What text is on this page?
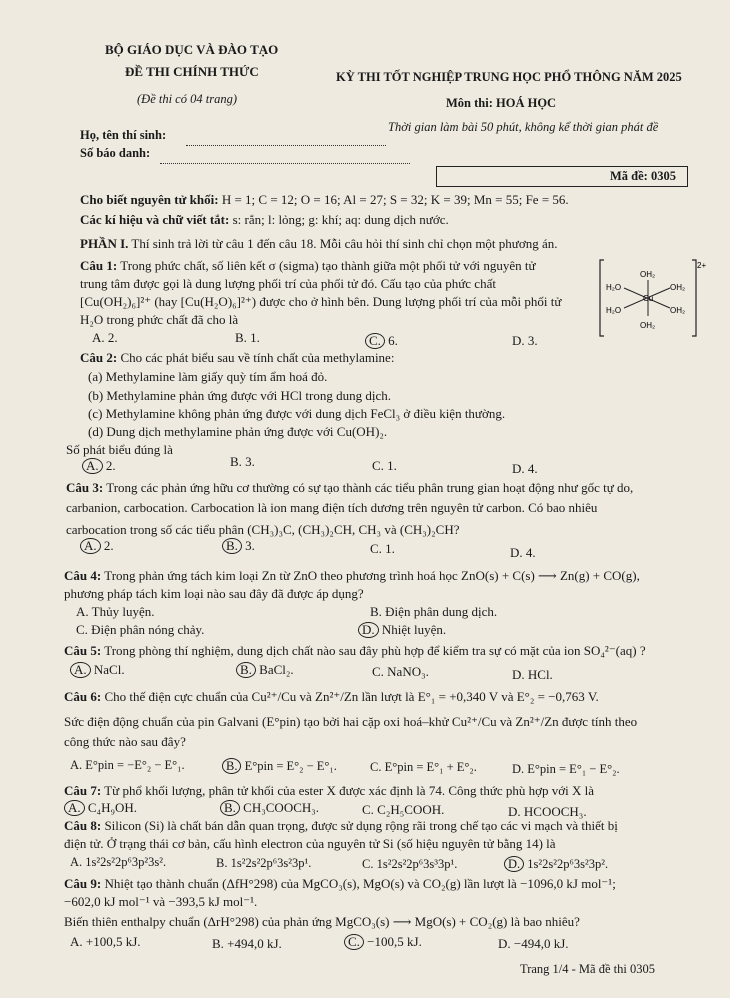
BỘ GIÁO DỤC VÀ ĐÀO TẠO
ĐỀ THI CHÍNH THỨC
(Đề thi có 04 trang)
KỲ THI TỐT NGHIỆP TRUNG HỌC PHỔ THÔNG NĂM 2025
Môn thi: HOÁ HỌC
Thời gian làm bài 50 phút, không kể thời gian phát đề
Họ, tên thí sinh:
Số báo danh:
Mã đề: 0305
Cho biết nguyên tử khối: H = 1; C = 12; O = 16; Al = 27; S = 32; K = 39; Mn = 55; Fe = 56.
Các kí hiệu và chữ viết tắt: s: rắn; l: lỏng; g: khí; aq: dung dịch nước.
PHẦN I. Thí sinh trả lời từ câu 1 đến câu 18. Mỗi câu hỏi thí sinh chỉ chọn một phương án.
Câu 1: Trong phức chất, số liên kết σ (sigma) tạo thành giữa một phối tử với nguyên tử
trung tâm được gọi là dung lượng phối trí của phối tử đó. Cấu tạo của phức chất
[Cu(OH₂)₆]²⁺ (hay [Cu(H₂O)₆]²⁺) được cho ở hình bên. Dung lượng phối trí của mỗi phối tử
H₂O trong phức chất đã cho là
A. 2.	B. 1.	C. 6.	D. 3.
OH₂
H₂O	OH₂
Cu
H₂O	OH₂
OH₂
2+
Câu 2: Cho các phát biểu sau về tính chất của methylamine:
(a) Methylamine làm giấy quỳ tím ẩm hoá đỏ.
(b) Methylamine phản ứng được với HCl trong dung dịch.
(c) Methylamine không phản ứng được với dung dịch FeCl₃ ở điều kiện thường.
(d) Dung dịch methylamine phản ứng được với Cu(OH)₂.
Số phát biểu đúng là
A. 2.	B. 3.	C. 1.	D. 4.
Câu 3: Trong các phản ứng hữu cơ thường có sự tạo thành các tiểu phân trung gian hoạt động như gốc tự do,
carbanion, carbocation. Carbocation là ion mang điện tích dương trên nguyên tử carbon. Có bao nhiêu
carbocation trong số các tiểu phân (CH₃)₃C, (CH₃)₂CH, CH₃ và (CH₃)₂CH?
A. 2.	B. 3.	C. 1.	D. 4.
Câu 4: Trong phản ứng tách kim loại Zn từ ZnO theo phương trình hoá học ZnO(s) + C(s) ⟶ Zn(g) + CO(g),
phương pháp tách kim loại nào sau đây đã được áp dụng?
A. Thủy luyện.	B. Điện phân dung dịch.
C. Điện phân nóng chảy.	D. Nhiệt luyện.
Câu 5: Trong phòng thí nghiệm, dung dịch chất nào sau đây phù hợp để kiểm tra sự có mặt của ion SO₄²⁻(aq) ?
A. NaCl.	B. BaCl₂.	C. NaNO₃.	D. HCl.
Câu 6: Cho thế điện cực chuẩn của Cu²⁺/Cu và Zn²⁺/Zn lần lượt là E°₁ = +0,340 V và E°₂ = −0,763 V.
Sức điện động chuẩn của pin Galvani (E°pin) tạo bởi hai cặp oxi hoá–khử Cu²⁺/Cu và Zn²⁺/Zn được tính theo
công thức nào sau đây?
A. E°pin = −E°₂ − E°₁.	B. E°pin = E°₂ − E°₁.	C. E°pin = E°₁ + E°₂.	D. E°pin = E°₁ − E°₂.
Câu 7: Từ phổ khối lượng, phân tử khối của ester X được xác định là 74. Công thức phù hợp với X là
A. C₄H₉OH.	B. CH₃COOCH₃.	C. C₂H₅COOH.	D. HCOOCH₃.
Câu 8: Silicon (Si) là chất bán dẫn quan trọng, được sử dụng rộng rãi trong chế tạo các vi mạch và thiết bị
điện tử. Ở trạng thái cơ bản, cấu hình electron của nguyên tử Si (số hiệu nguyên tử bằng 14) là
A. 1s²2s²2p⁶3p²3s².	B. 1s²2s²2p⁶3s²3p¹.	C. 1s²2s²2p⁶3s³3p¹.	D. 1s²2s²2p⁶3s²3p².
Câu 9: Nhiệt tạo thành chuẩn (ΔfH°298) của MgCO₃(s), MgO(s) và CO₂(g) lần lượt là −1096,0 kJ mol⁻¹;
−602,0 kJ mol⁻¹ và −393,5 kJ mol⁻¹.
Biến thiên enthalpy chuẩn (ΔrH°298) của phản ứng MgCO₃(s) ⟶ MgO(s) + CO₂(g) là bao nhiêu?
A. +100,5 kJ.	B. +494,0 kJ.	C. −100,5 kJ.	D. −494,0 kJ.
Trang 1/4 - Mã đề thi 0305
